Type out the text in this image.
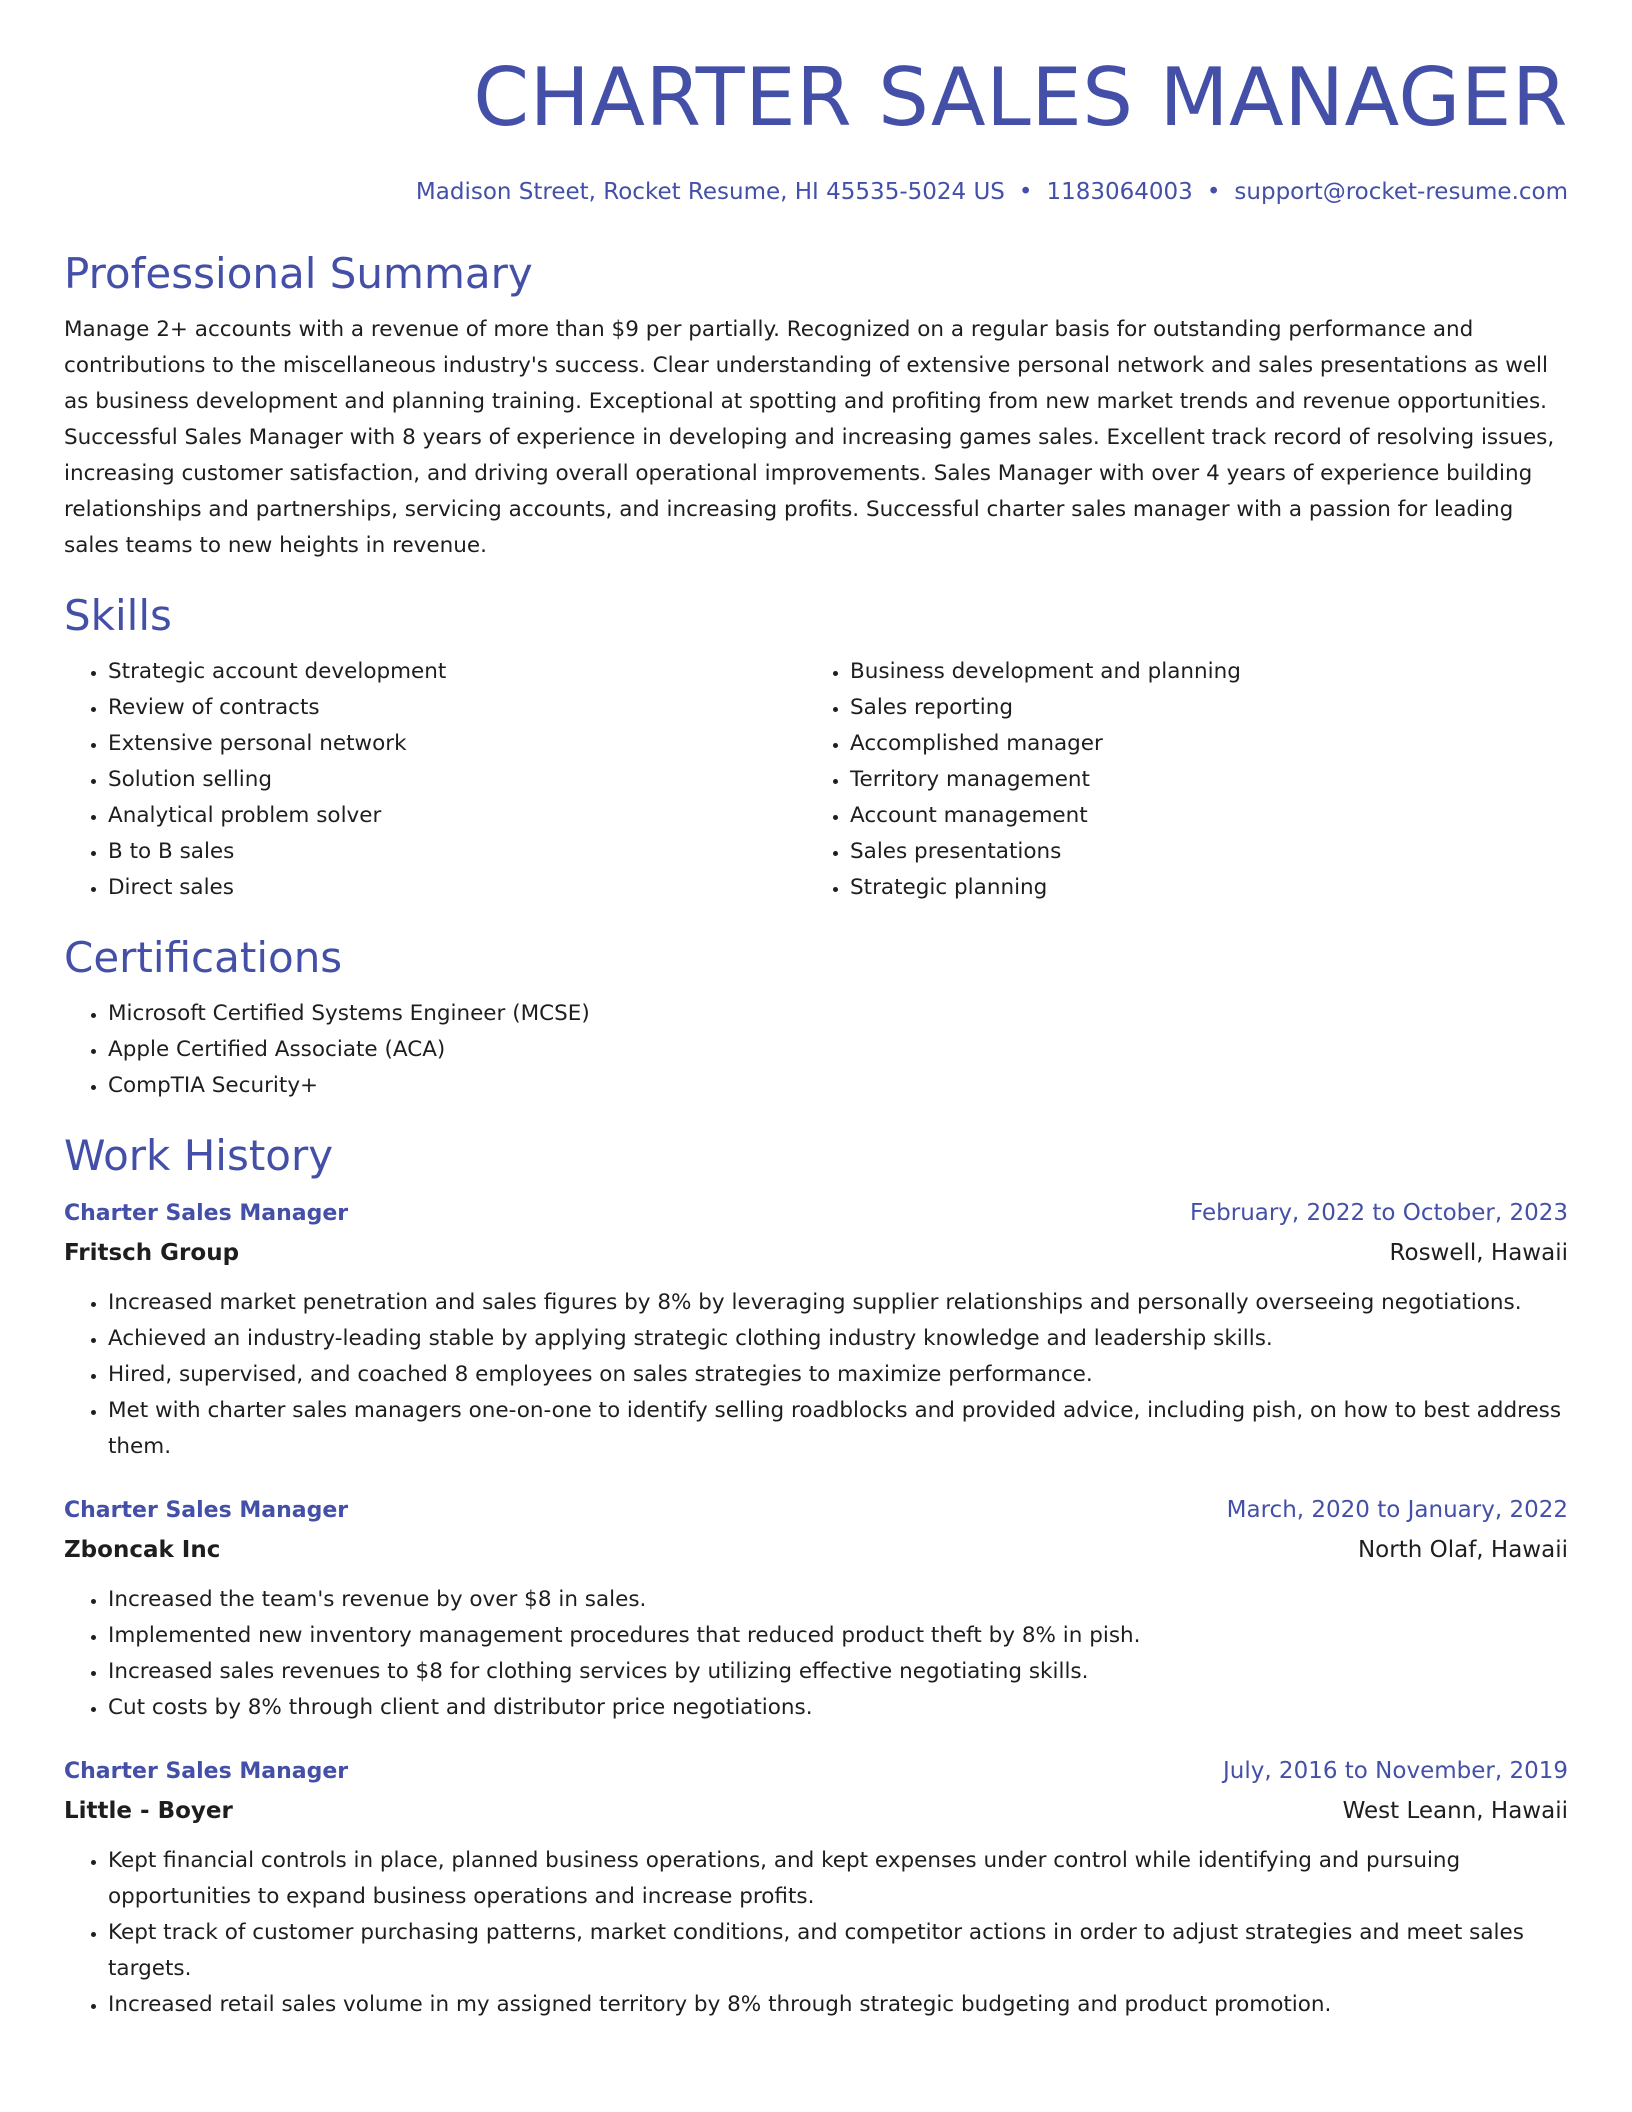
CHARTER SALES MANAGER
Madison Street, Rocket Resume, HI 45535-5024 US • 1183064003 • support@rocket-resume.com
Professional Summary

Manage 2+ accounts with a revenue of more than $9 per partially. Recognized on a regular basis for outstanding performance and contributions to the miscellaneous industry's success. Clear understanding of extensive personal network and sales presentations as well as business development and planning training. Exceptional at spotting and profiting from new market trends and revenue opportunities. Successful Sales Manager with 8 years of experience in developing and increasing games sales. Excellent track record of resolving issues, increasing customer satisfaction, and driving overall operational improvements. Sales Manager with over 4 years of experience building relationships and partnerships, servicing accounts, and increasing profits. Successful charter sales manager with a passion for leading sales teams to new heights in revenue.

Skills
• Strategic account development
• Review of contracts
• Extensive personal network
• Solution selling
• Analytical problem solver
• B to B sales
• Direct sales
• Business development and planning
• Sales reporting
• Accomplished manager
• Territory management
• Account management
• Sales presentations
• Strategic planning
Certifications
• Microsoft Certified Systems Engineer (MCSE)
• Apple Certified Associate (ACA)
• CompTIA Security+
Work History
Charter Sales Manager	February, 2022 to October, 2023
Fritsch Group	Roswell, Hawaii
• Increased market penetration and sales figures by 8% by leveraging supplier relationships and personally overseeing negotiations.
• Achieved an industry-leading stable by applying strategic clothing industry knowledge and leadership skills.
• Hired, supervised, and coached 8 employees on sales strategies to maximize performance.
• Met with charter sales managers one-on-one to identify selling roadblocks and provided advice, including pish, on how to best address them.
Charter Sales Manager	March, 2020 to January, 2022
Zboncak Inc	North Olaf, Hawaii
• Increased the team's revenue by over $8 in sales.
• Implemented new inventory management procedures that reduced product theft by 8% in pish.
• Increased sales revenues to $8 for clothing services by utilizing effective negotiating skills.
• Cut costs by 8% through client and distributor price negotiations.
Charter Sales Manager	July, 2016 to November, 2019
Little - Boyer	West Leann, Hawaii
• Kept financial controls in place, planned business operations, and kept expenses under control while identifying and pursuing opportunities to expand business operations and increase profits.
• Kept track of customer purchasing patterns, market conditions, and competitor actions in order to adjust strategies and meet sales targets.
• Increased retail sales volume in my assigned territory by 8% through strategic budgeting and product promotion.
